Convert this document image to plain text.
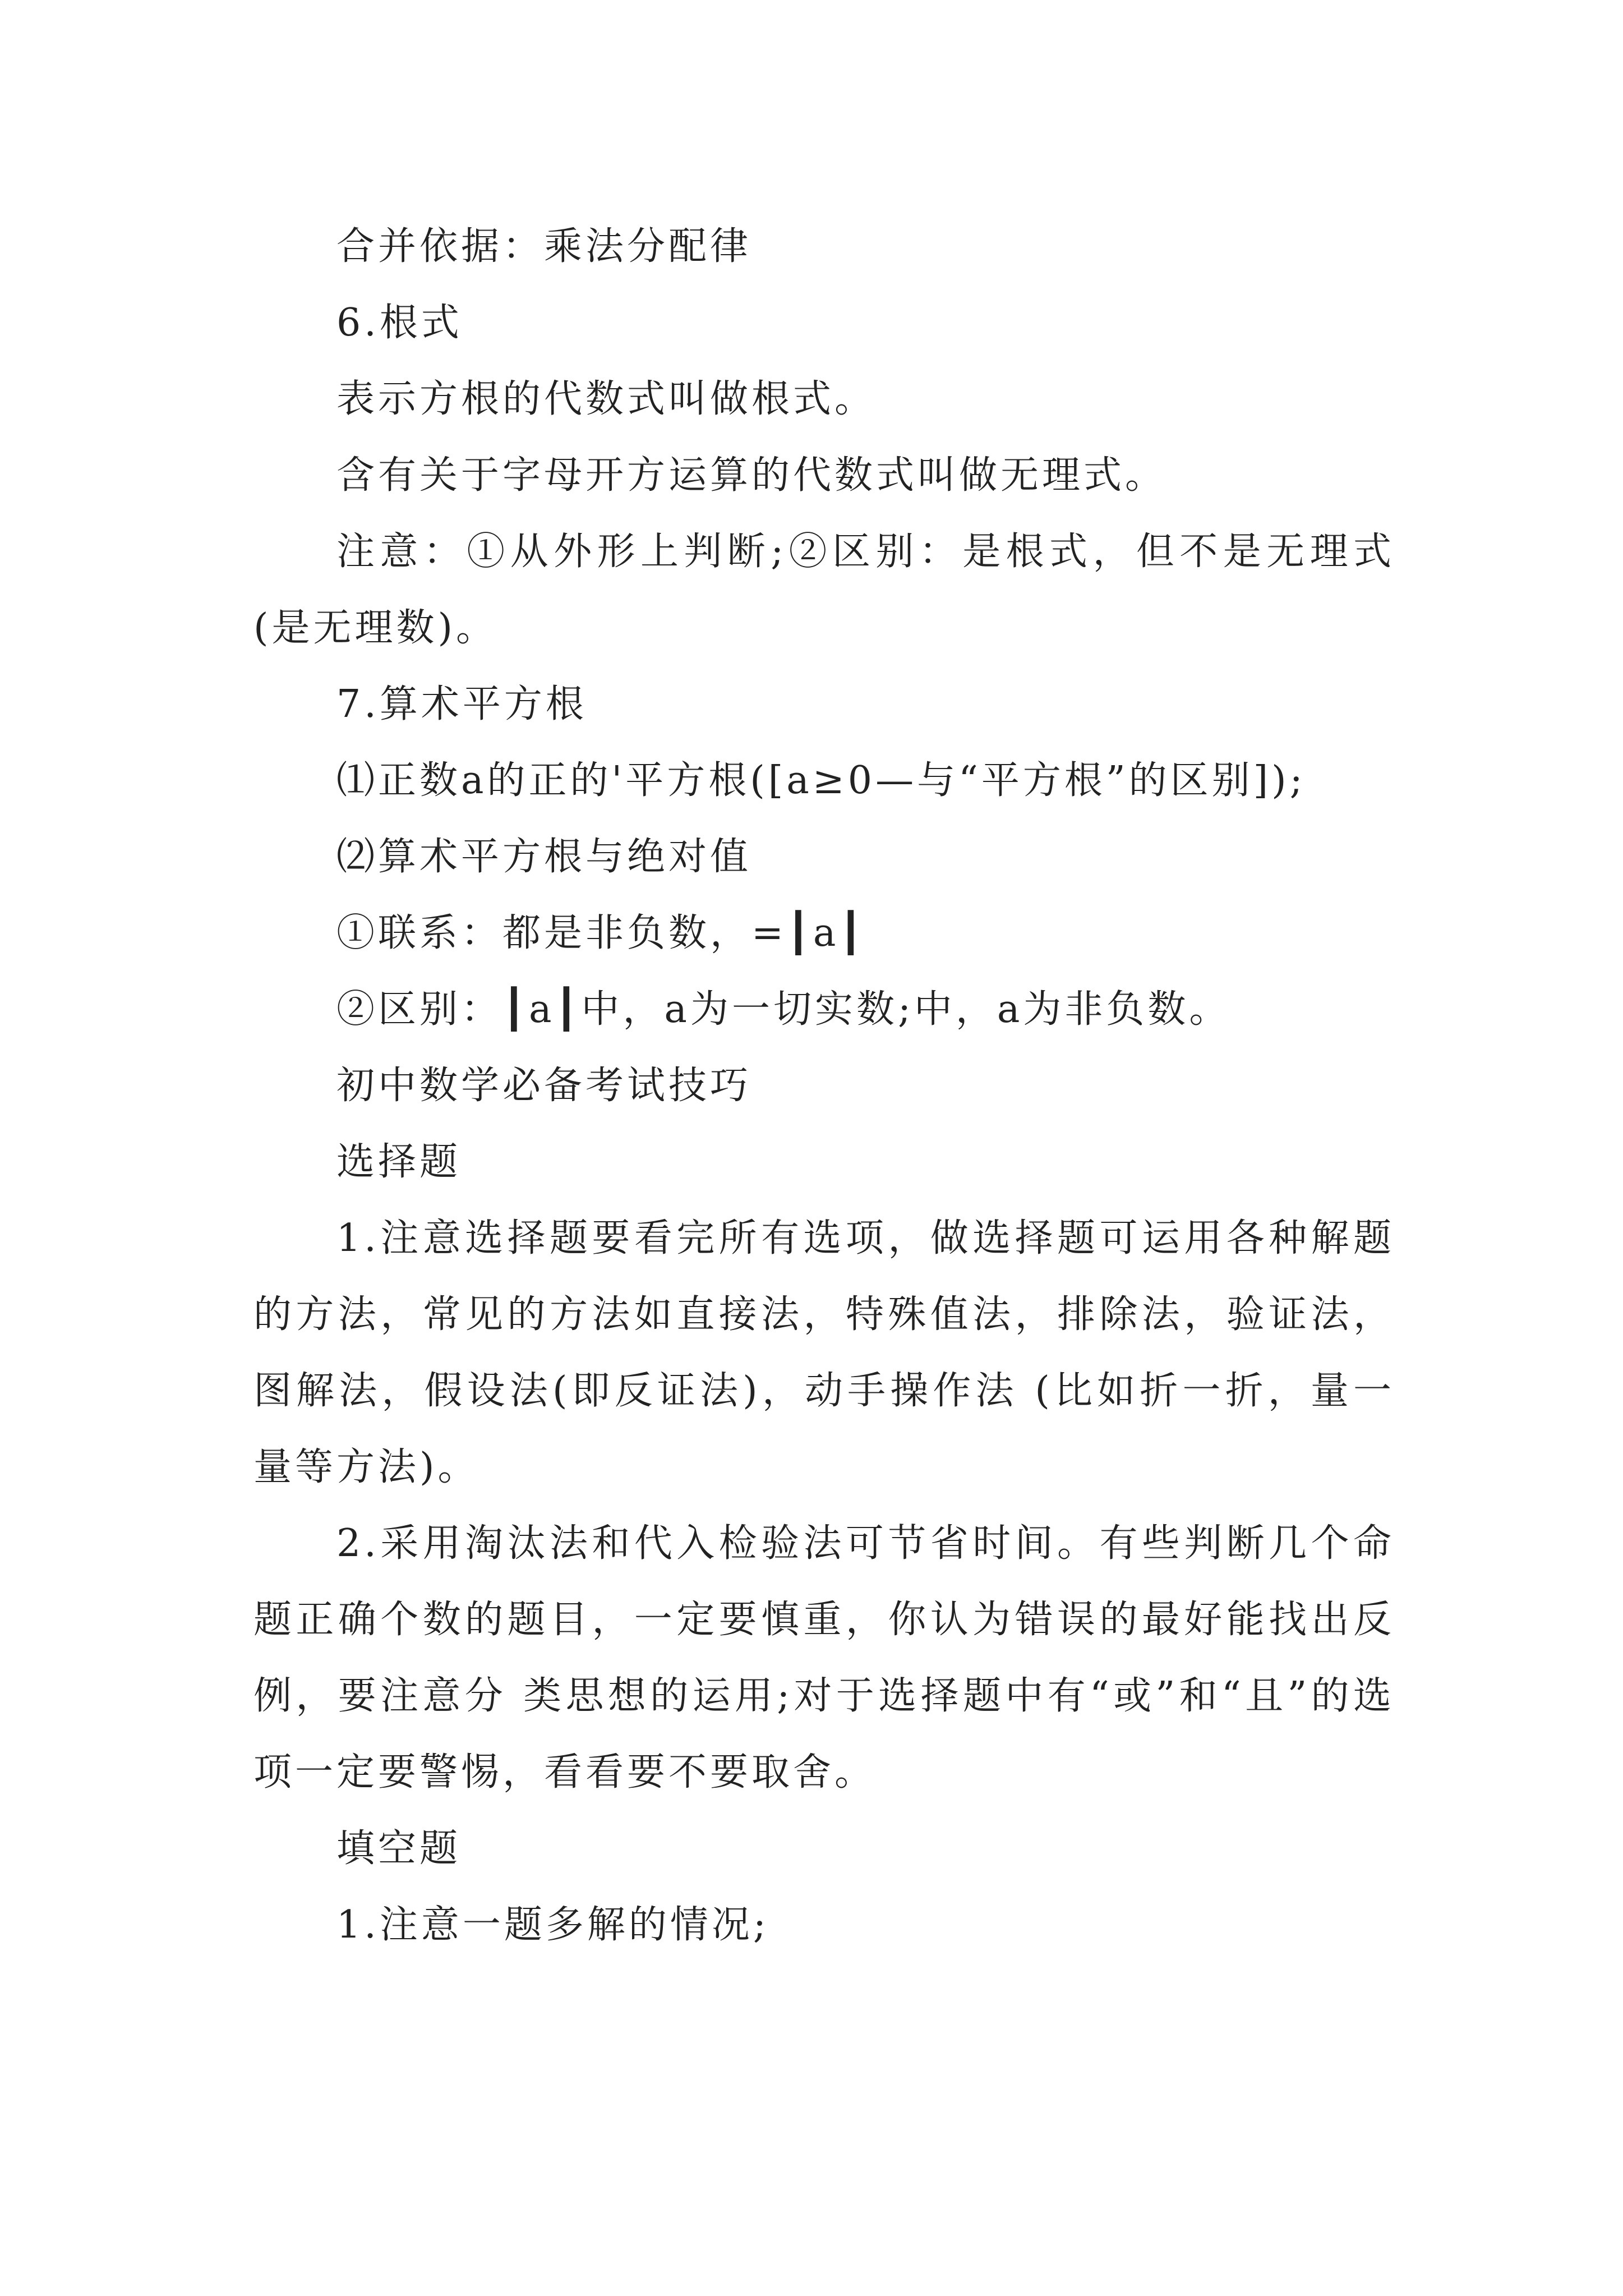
合并依据：乘法分配律

6.根式

表示方根的代数式叫做根式。

含有关于字母开方运算的代数式叫做无理式。

注意：①从外形上判断;②区别：是根式，但不是无理式(是无理数)。

7.算术平方根

⑴正数a的正的'平方根([a≥0—与“平方根”的区别]);

⑵算术平方根与绝对值

①联系：都是非负数，=┃a┃

②区别：┃a┃中，a为一切实数;中，a为非负数。

初中数学必备考试技巧

选择题

1.注意选择题要看完所有选项，做选择题可运用各种解题的方法，常见的方法如直接法，特殊值法，排除法，验证法，图解法，假设法(即反证法)，动手操作法 (比如折一折，量一量等方法)。

2.采用淘汰法和代入检验法可节省时间。有些判断几个命题正确个数的题目，一定要慎重，你认为错误的最好能找出反例，要注意分 类思想的运用;对于选择题中有“或”和“且”的选项一定要警惕，看看要不要取舍。

填空题

1.注意一题多解的情况;
